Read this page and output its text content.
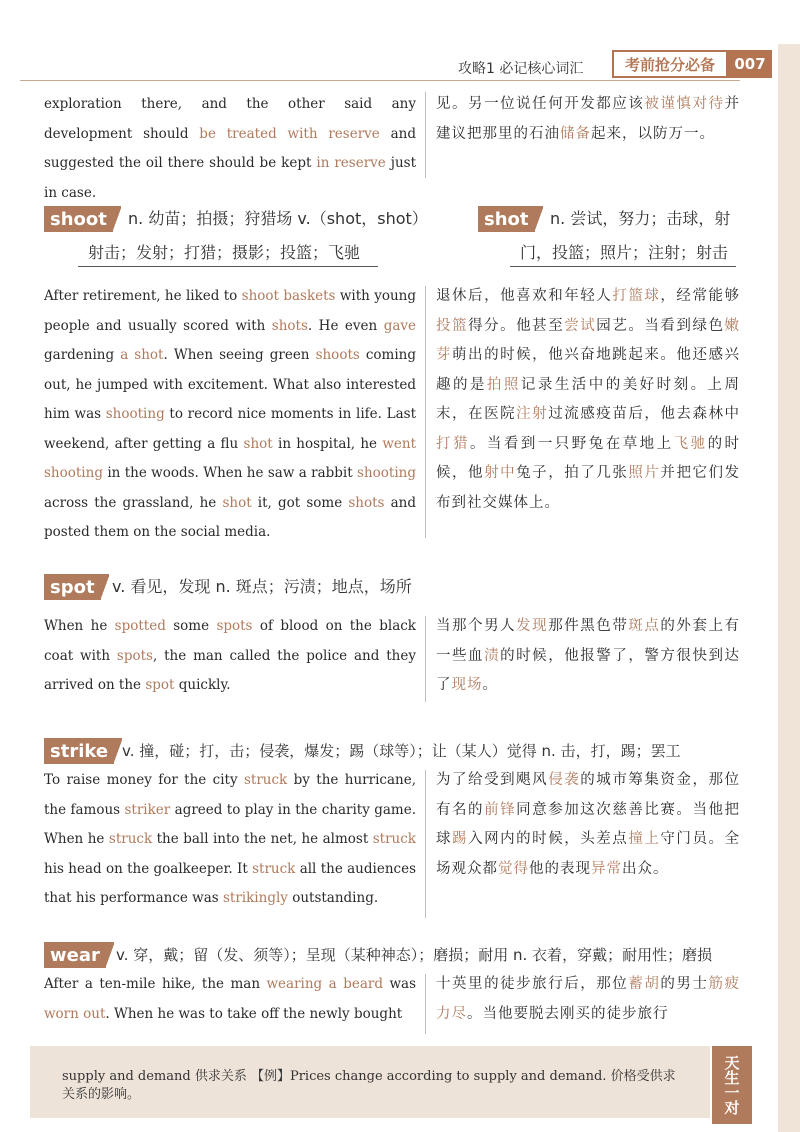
攻略1 必记核心词汇	考前抢分必备	007
exploration there, and the other said any development should be treated with reserve and suggested the oil there should be kept in reserve just in case.
见。另一位说任何开发都应该被谨慎对待并建议把那里的石油储备起来，以防万一。
shoot	n. 幼苗；拍摄；狩猎场 v.（shot，shot）
射击；发射；打猎；摄影；投篮；飞驰
shot	n. 尝试，努力；击球，射
门，投篮；照片；注射；射击
After retirement, he liked to shoot baskets with young people and usually scored with shots. He even gave gardening a shot. When seeing green shoots coming out, he jumped with excitement. What also interested him was shooting to record nice moments in life. Last weekend, after getting a flu shot in hospital, he went shooting in the woods. When he saw a rabbit shooting across the grassland, he shot it, got some shots and posted them on the social media.
退休后，他喜欢和年轻人打篮球，经常能够投篮得分。他甚至尝试园艺。当看到绿色嫩芽萌出的时候，他兴奋地跳起来。他还感兴趣的是拍照记录生活中的美好时刻。上周末，在医院注射过流感疫苗后，他去森林中打猎。当看到一只野兔在草地上飞驰的时候，他射中兔子，拍了几张照片并把它们发布到社交媒体上。
spot	v. 看见，发现 n. 斑点；污渍；地点，场所
When he spotted some spots of blood on the black coat with spots, the man called the police and they arrived on the spot quickly.
当那个男人发现那件黑色带斑点的外套上有一些血渍的时候，他报警了，警方很快到达了现场。
strike v. 撞，碰；打，击；侵袭，爆发；踢（球等）；让（某人）觉得 n. 击，打，踢；罢工
To raise money for the city struck by the hurricane, the famous striker agreed to play in the charity game. When he struck the ball into the net, he almost struck his head on the goalkeeper. It struck all the audiences that his performance was strikingly outstanding.
为了给受到飓风侵袭的城市筹集资金，那位有名的前锋同意参加这次慈善比赛。当他把球踢入网内的时候，头差点撞上守门员。全场观众都觉得他的表现异常出众。
wear	v. 穿，戴；留（发、须等）；呈现（某种神态）；磨损；耐用 n. 衣着，穿戴；耐用性；磨损
After a ten-mile hike, the man wearing a beard was worn out. When he was to take off the newly bought
十英里的徒步旅行后，那位蓄胡的男士筋疲力尽。当他要脱去刚买的徒步旅行
supply and demand 供求关系 【例】Prices change according to supply and demand. 价格受供求关系的影响。	天生一对
